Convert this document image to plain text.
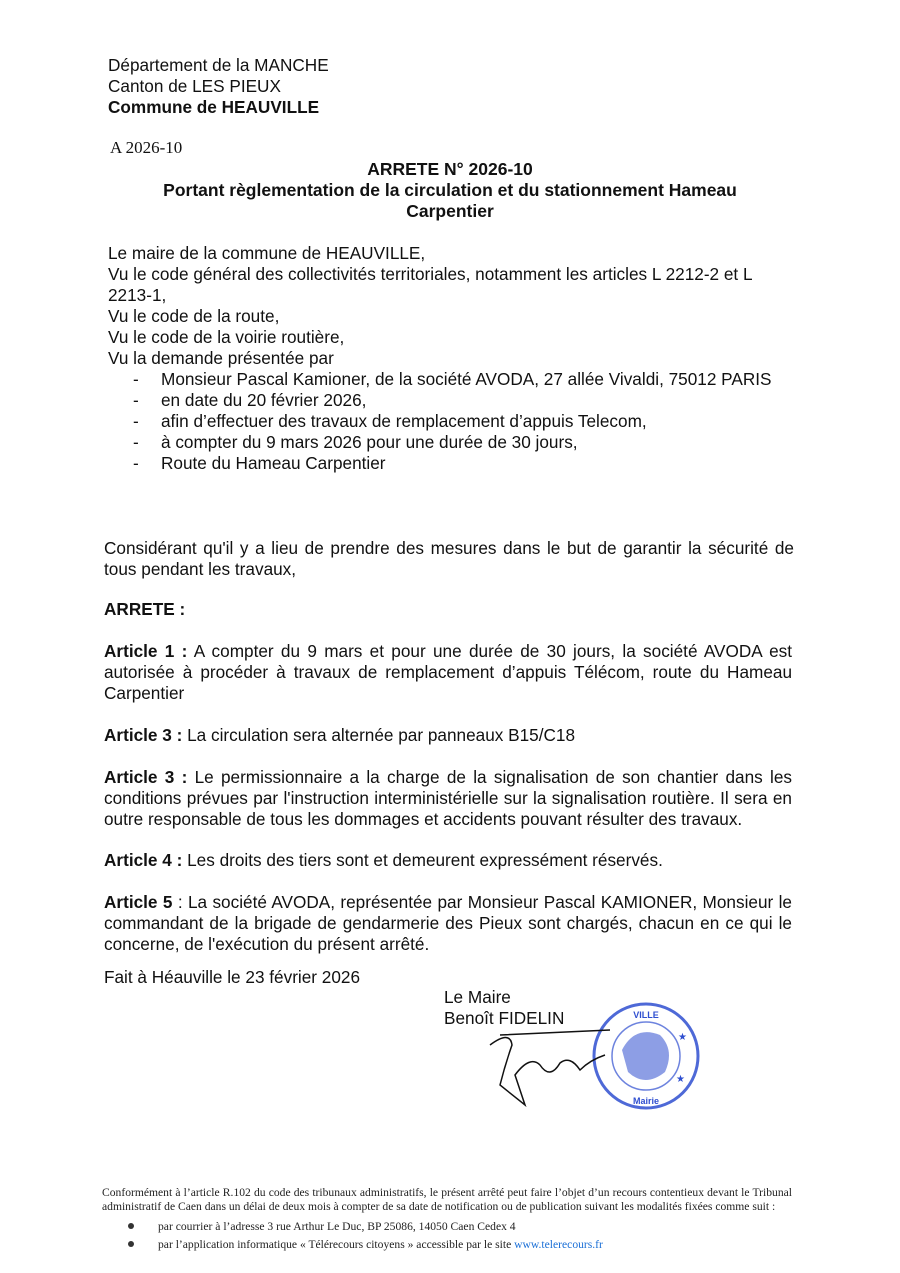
Département de la MANCHE
Canton de LES PIEUX
Commune de HEAUVILLE
A 2026-10
ARRETE N° 2026-10
Portant règlementation de la circulation et du stationnement Hameau
Carpentier
Le maire de la commune de HEAUVILLE,
Vu le code général des collectivités territoriales, notamment les articles L 2212-2 et L
2213-1,
Vu le code de la route,
Vu le code de la voirie routière,
Vu la demande présentée par
- Monsieur Pascal Kamioner, de la société AVODA, 27 allée Vivaldi, 75012 PARIS
- en date du 20 février 2026,
- afin d’effectuer des travaux de remplacement d’appuis Telecom,
- à compter du 9 mars 2026 pour une durée de 30 jours,
- Route du Hameau Carpentier
Considérant qu'il y a lieu de prendre des mesures dans le but de garantir la sécurité de tous pendant les travaux,
ARRETE :
Article 1 : A compter du 9 mars et pour une durée de 30 jours, la société AVODA est autorisée à procéder à travaux de remplacement d’appuis Télécom, route du Hameau Carpentier
Article 3 : La circulation sera alternée par panneaux B15/C18
Article 3 : Le permissionnaire a la charge de la signalisation de son chantier dans les conditions prévues par l'instruction interministérielle sur la signalisation routière. Il sera en outre responsable de tous les dommages et accidents pouvant résulter des travaux.
Article 4 : Les droits des tiers sont et demeurent expressément réservés.
Article 5 : La société AVODA, représentée par Monsieur Pascal KAMIONER, Monsieur le commandant de la brigade de gendarmerie des Pieux sont chargés, chacun en ce qui le concerne, de l'exécution du présent arrêté.
Fait à Héauville le 23 février 2026
Le Maire
Benoît FIDELIN
★
★
VILLE
Mairie
Conformément à l’article R.102 du code des tribunaux administratifs, le présent arrêté peut faire l’objet d’un recours contentieux devant le Tribunal administratif de Caen dans un délai de deux mois à compter de sa date de notification ou de publication suivant les modalités fixées comme suit :
par courrier à l’adresse 3 rue Arthur Le Duc, BP 25086, 14050 Caen Cedex 4
par l’application informatique « Télérecours citoyens » accessible par le site www.telerecours.fr
